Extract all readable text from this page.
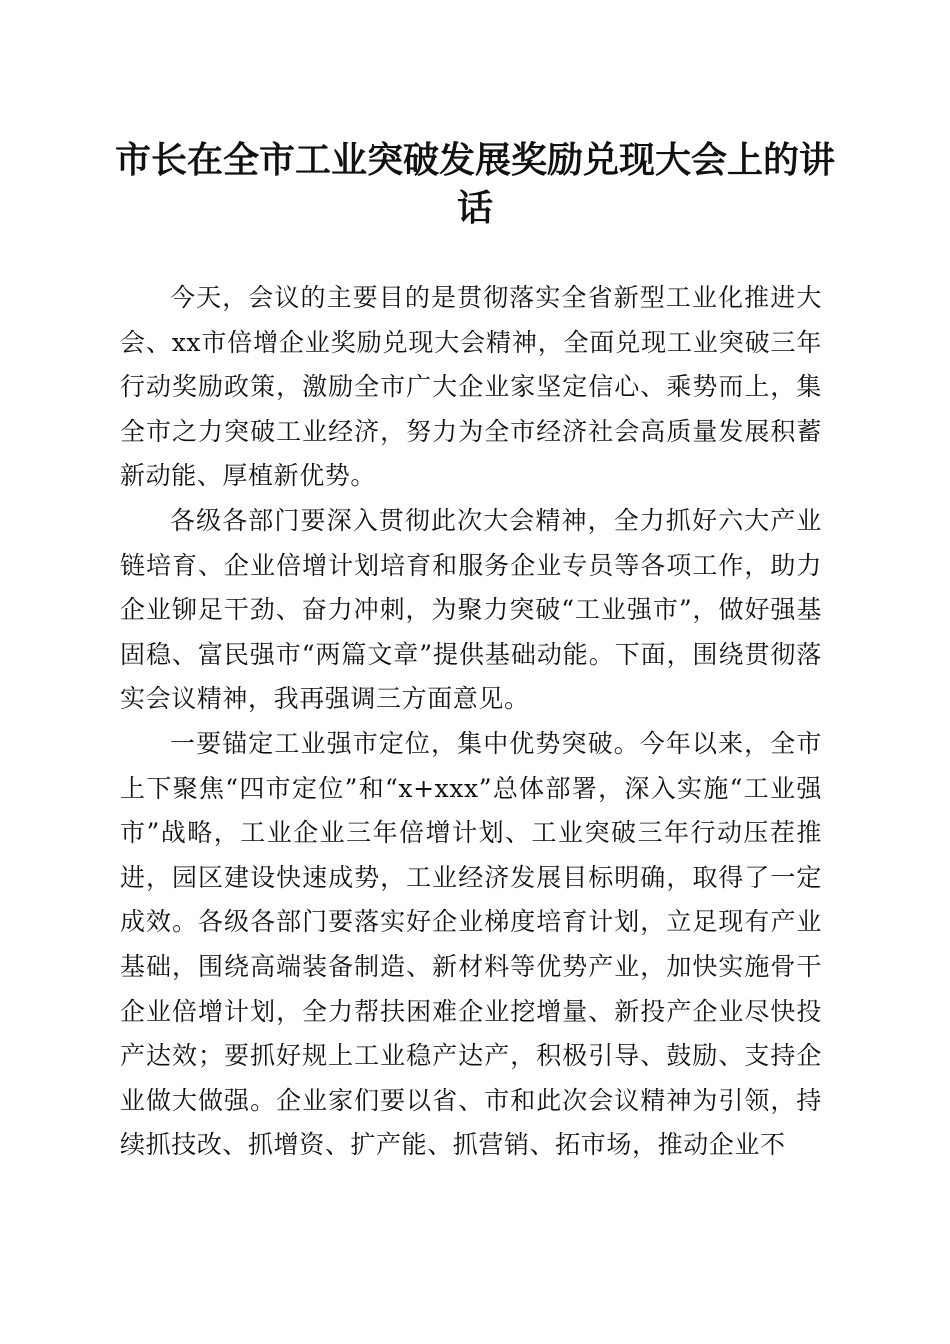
市长在全市工业突破发展奖励兑现大会上的讲话

今天，会议的主要目的是贯彻落实全省新型工业化推进大会、xx市倍增企业奖励兑现大会精神，全面兑现工业突破三年行动奖励政策，激励全市广大企业家坚定信心、乘势而上，集全市之力突破工业经济，努力为全市经济社会高质量发展积蓄新动能、厚植新优势。

各级各部门要深入贯彻此次大会精神，全力抓好六大产业链培育、企业倍增计划培育和服务企业专员等各项工作，助力企业铆足干劲、奋力冲刺，为聚力突破“工业强市”，做好强基固稳、富民强市“两篇文章”提供基础动能。下面，围绕贯彻落实会议精神，我再强调三方面意见。

一要锚定工业强市定位，集中优势突破。今年以来，全市上下聚焦“四市定位”和“x+xxx”总体部署，深入实施“工业强市”战略，工业企业三年倍增计划、工业突破三年行动压茬推进，园区建设快速成势，工业经济发展目标明确，取得了一定成效。各级各部门要落实好企业梯度培育计划，立足现有产业基础，围绕高端装备制造、新材料等优势产业，加快实施骨干企业倍增计划，全力帮扶困难企业挖增量、新投产企业尽快投产达效；要抓好规上工业稳产达产，积极引导、鼓励、支持企业做大做强。企业家们要以省、市和此次会议精神为引领，持续抓技改、抓增资、扩产能、抓营销、拓市场，推动企业不
